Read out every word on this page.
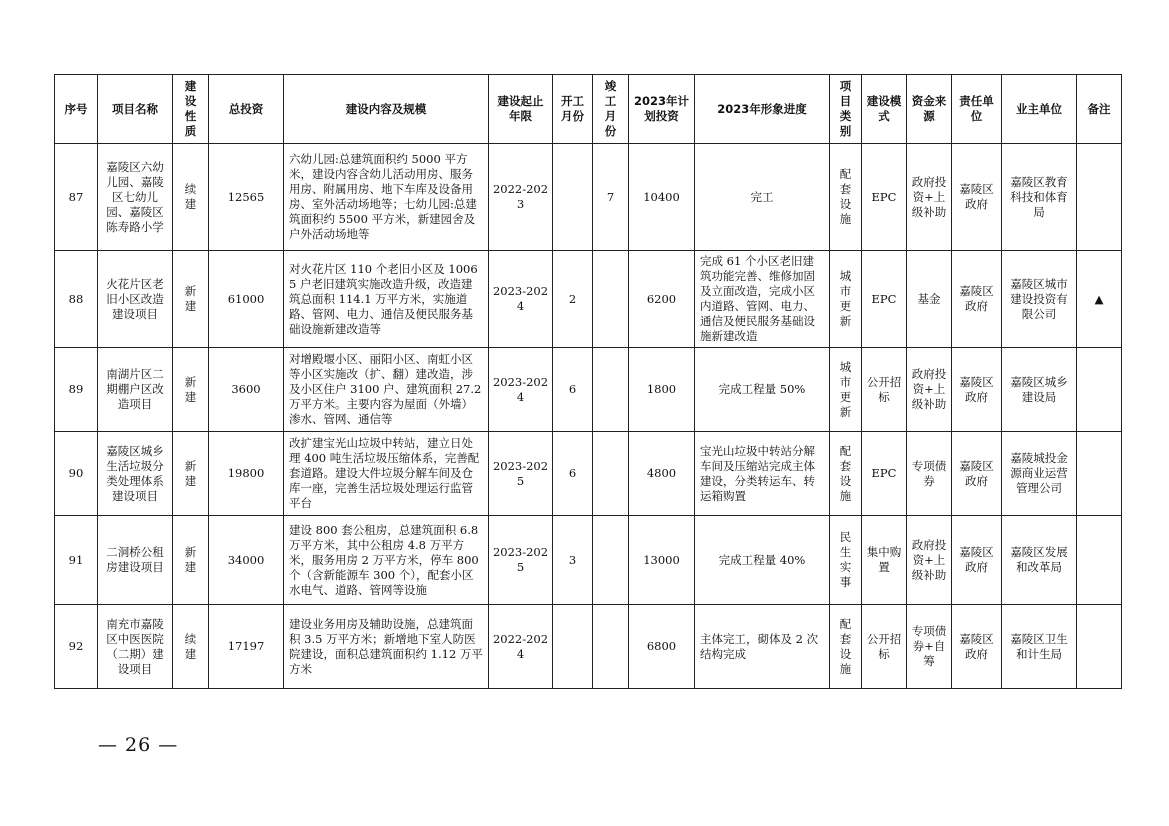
序号	项目名称	建设性质	总投资	建设内容及规模	建设起止年限	开工月份	竣工月份	2023年计划投资	2023年形象进度	项目类别	建设模式	资金来源	责任单位	业主单位	备注
87	嘉陵区六幼儿园、嘉陵区七幼儿园、嘉陵区陈寿路小学	续建	12565	六幼儿园:总建筑面积约 5000 平方米，建设内容含幼儿活动用房、服务用房、附属用房、地下车库及设备用房、室外活动场地等；七幼儿园:总建筑面积约 5500 平方米，新建园舍及户外活动场地等	2022-2023		7	10400	完工	配套设施	EPC	政府投资+上级补助	嘉陵区政府	嘉陵区教育科技和体育局	
88	火花片区老旧小区改造建设项目	新建	61000	对火花片区 110 个老旧小区及 10065 户老旧建筑实施改造升级，改造建筑总面积 114.1 万平方米，实施道路、管网、电力、通信及便民服务基础设施新建改造等	2023-2024	2		6200	完成 61 个小区老旧建筑功能完善、维修加固及立面改造，完成小区内道路、管网、电力、通信及便民服务基础设施新建改造	城市更新	EPC	基金	嘉陵区政府	嘉陵区城市建设投资有限公司	▲
89	南湖片区二期棚户区改造项目	新建	3600	对增殿堰小区、丽阳小区、南虹小区等小区实施改（扩、翻）建改造，涉及小区住户 3100 户、建筑面积 27.2 万平方米。主要内容为屋面（外墙）渗水、管网、通信等	2023-2024	6		1800	完成工程量 50%	城市更新	公开招标	政府投资+上级补助	嘉陵区政府	嘉陵区城乡建设局	
90	嘉陵区城乡生活垃圾分类处理体系建设项目	新建	19800	改扩建宝光山垃圾中转站，建立日处理 400 吨生活垃圾压缩体系，完善配套道路。建设大件垃圾分解车间及仓库一座，完善生活垃圾处理运行监管平台	2023-2025	6		4800	宝光山垃圾中转站分解车间及压缩站完成主体建设，分类转运车、转运箱购置	配套设施	EPC	专项债券	嘉陵区政府	嘉陵城投金源商业运营管理公司	
91	二洞桥公租房建设项目	新建	34000	建设 800 套公租房，总建筑面积 6.8 万平方米，其中公租房 4.8 万平方米，服务用房 2 万平方米，停车 800 个（含新能源车 300 个），配套小区水电气、道路、管网等设施	2023-2025	3		13000	完成工程量 40%	民生实事	集中购置	政府投资+上级补助	嘉陵区政府	嘉陵区发展和改革局	
92	南充市嘉陵区中医医院（二期）建设项目	续建	17197	建设业务用房及辅助设施，总建筑面积 3.5 万平方米；新增地下室人防医院建设，面积总建筑面积约 1.12 万平方米	2022-2024			6800	主体完工，砌体及 2 次结构完成	配套设施	公开招标	专项债券+自筹	嘉陵区政府	嘉陵区卫生和计生局	
— 26 —
